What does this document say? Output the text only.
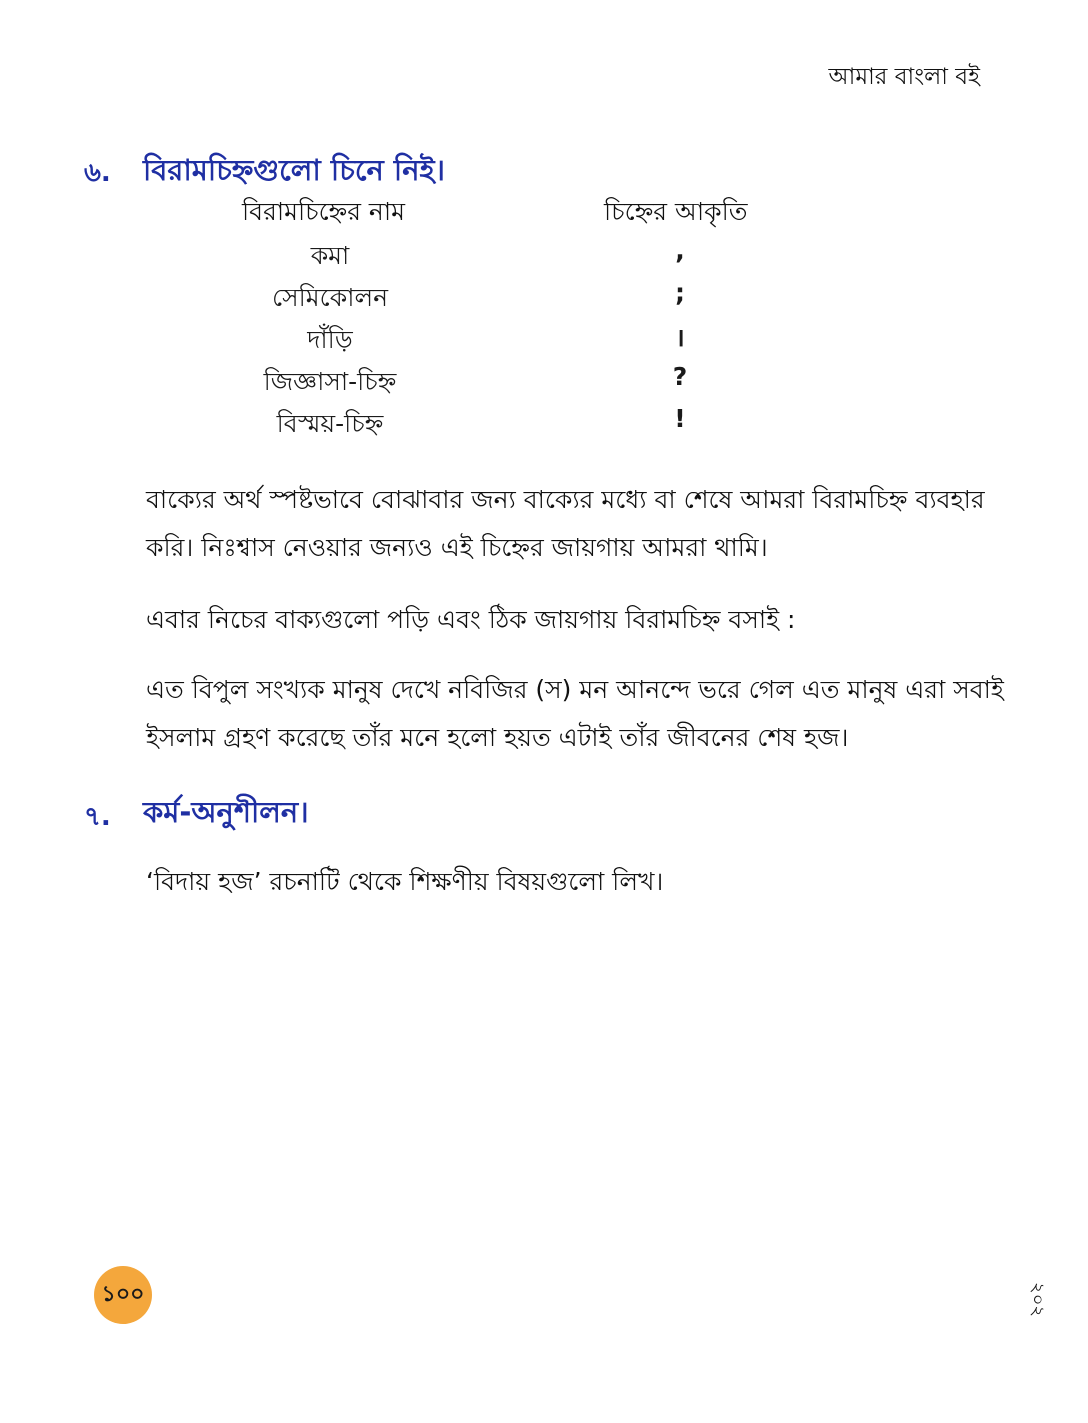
আমার বাংলা বই
৬. বিরামচিহ্নগুলো চিনে নিই।
বিরামচিহ্নের নাম	চিহ্নের আকৃতি
কমা	,
সেমিকোলন	;
দাঁড়ি	।
জিজ্ঞাসা-চিহ্ন	?
বিস্ময়-চিহ্ন	!
বাক্যের অর্থ স্পষ্টভাবে বোঝাবার জন্য বাক্যের মধ্যে বা শেষে আমরা বিরামচিহ্ন ব্যবহার করি। নিঃশ্বাস নেওয়ার জন্যও এই চিহ্নের জায়গায় আমরা থামি।
এবার নিচের বাক্যগুলো পড়ি এবং ঠিক জায়গায় বিরামচিহ্ন বসাই :
এত বিপুল সংখ্যক মানুষ দেখে নবিজির (স) মন আনন্দে ভরে গেল এত মানুষ এরা সবাই ইসলাম গ্রহণ করেছে তাঁর মনে হলো হয়ত এটাই তাঁর জীবনের শেষ হজ।
৭. কর্ম-অনুশীলন।
‘বিদায় হজ’ রচনাটি থেকে শিক্ষণীয় বিষয়গুলো লিখ।
১০০	২০২
